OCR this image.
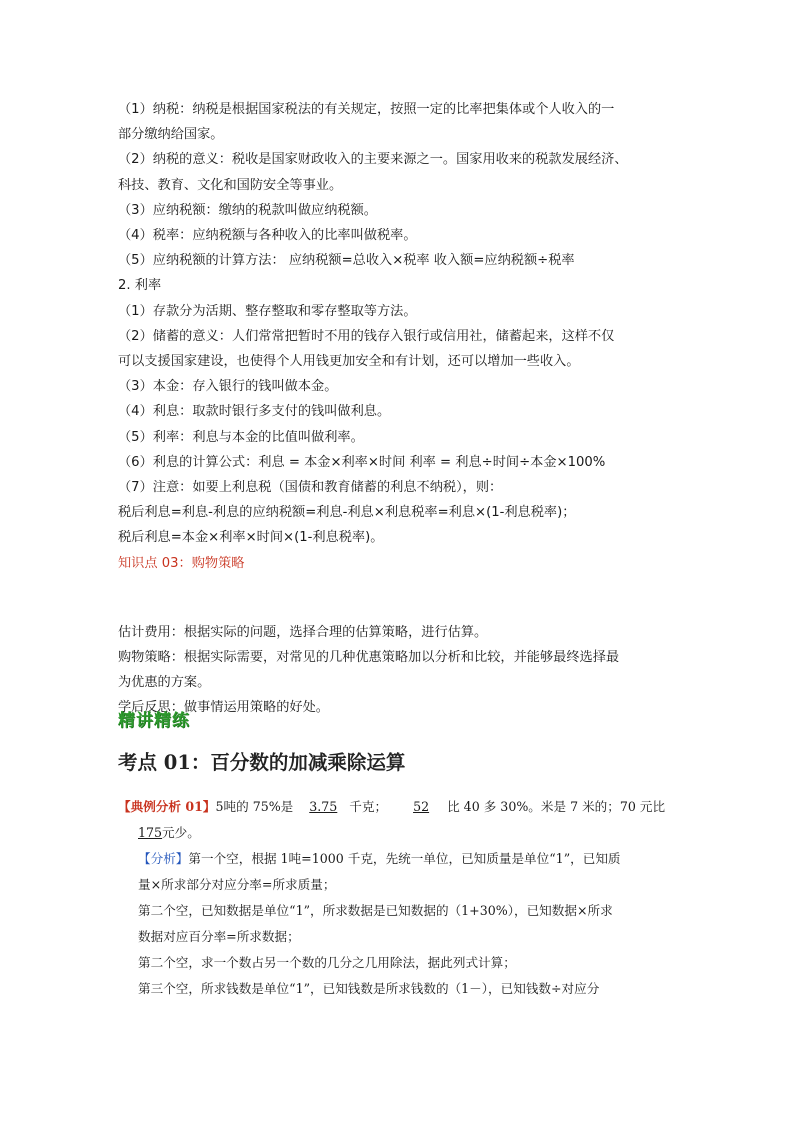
（1）纳税：纳税是根据国家税法的有关规定，按照一定的比率把集体或个人收入的一
部分缴纳给国家。
（2）纳税的意义：税收是国家财政收入的主要来源之一。国家用收来的税款发展经济、
科技、教育、文化和国防安全等事业。
（3）应纳税额：缴纳的税款叫做应纳税额。
（4）税率：应纳税额与各种收入的比率叫做税率。
（5）应纳税额的计算方法： 应纳税额=总收入×税率 收入额=应纳税额÷税率
2. 利率
（1）存款分为活期、整存整取和零存整取等方法。
（2）储蓄的意义：人们常常把暂时不用的钱存入银行或信用社，储蓄起来，这样不仅
可以支援国家建设，也使得个人用钱更加安全和有计划，还可以增加一些收入。
（3）本金：存入银行的钱叫做本金。
（4）利息：取款时银行多支付的钱叫做利息。
（5）利率：利息与本金的比值叫做利率。
（6）利息的计算公式：利息 = 本金×利率×时间 利率 = 利息÷时间÷本金×100%
（7）注意：如要上利息税（国债和教育储蓄的利息不纳税），则：
税后利息=利息-利息的应纳税额=利息-利息×利息税率=利息×(1-利息税率)；
税后利息=本金×利率×时间×(1-利息税率)。
知识点 03：购物策略
估计费用：根据实际的问题，选择合理的估算策略，进行估算。
购物策略：根据实际需要，对常见的几种优惠策略加以分析和比较，并能够最终选择最
为优惠的方案。
学后反思：做事情运用策略的好处。
精讲精练
考点 01：百分数的加减乘除运算
【典例分析 01】5吨的 75%是 3.75 千克； 52 比 40 多 30%。米是 7 米的；70 元比
175元少。
【分析】第一个空，根据 1吨=1000 千克，先统一单位，已知质量是单位“1”，已知质
量×所求部分对应分率=所求质量；
第二个空，已知数据是单位“1”，所求数据是已知数据的（1+30%），已知数据×所求
数据对应百分率=所求数据；
第二个空，求一个数占另一个数的几分之几用除法，据此列式计算；
第三个空，所求钱数是单位“1”，已知钱数是所求钱数的（1－），已知钱数÷对应分
